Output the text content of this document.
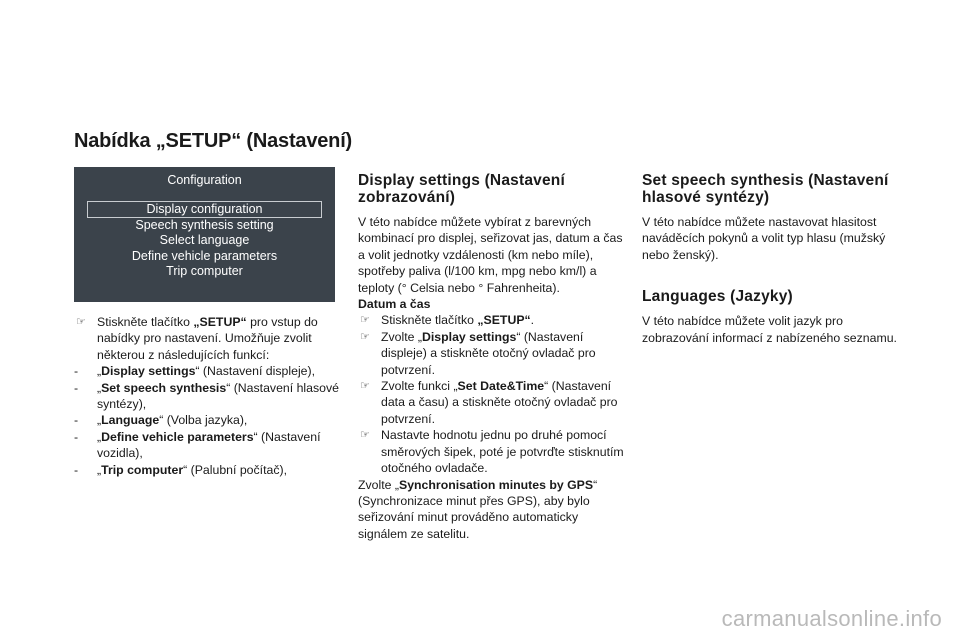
Nabídka „SETUP“ (Nastavení)
Configuration
Display configuration
Speech synthesis setting
Select language
Define vehicle parameters
Trip computer
☞ Stiskněte tlačítko „SETUP“ pro vstup do nabídky pro nastavení. Umožňuje zvolit některou z následujících funkcí:
-	„Display settings“ (Nastavení displeje),
-	„Set speech synthesis“ (Nastavení hlasové syntézy),
-	„Language“ (Volba jazyka),
-	„Define vehicle parameters“ (Nastavení vozidla),
-	„Trip computer“ (Palubní počítač),
Display settings (Nastavení zobrazování)
V této nabídce můžete vybírat z barevných kombinací pro displej, seřizovat jas, datum a čas a volit jednotky vzdálenosti (km nebo míle), spotřeby paliva (l/100 km, mpg nebo km/l) a teploty (° Celsia nebo ° Fahrenheita).
Datum a čas
☞ Stiskněte tlačítko „SETUP“.
☞ Zvolte „Display settings“ (Nastavení displeje) a stiskněte otočný ovladač pro potvrzení.
☞ Zvolte funkci „Set Date&Time“ (Nastavení data a času) a stiskněte otočný ovladač pro potvrzení.
☞ Nastavte hodnotu jednu po druhé pomocí směrových šipek, poté je potvrďte stisknutím otočného ovladače.
Zvolte „Synchronisation minutes by GPS“ (Synchronizace minut přes GPS), aby bylo seřizování minut prováděno automaticky signálem ze satelitu.
Set speech synthesis (Nastavení hlasové syntézy)
V této nabídce můžete nastavovat hlasitost naváděcích pokynů a volit typ hlasu (mužský nebo ženský).
Languages (Jazyky)
V této nabídce můžete volit jazyk pro zobrazování informací z nabízeného seznamu.
carmanualsonline.info
